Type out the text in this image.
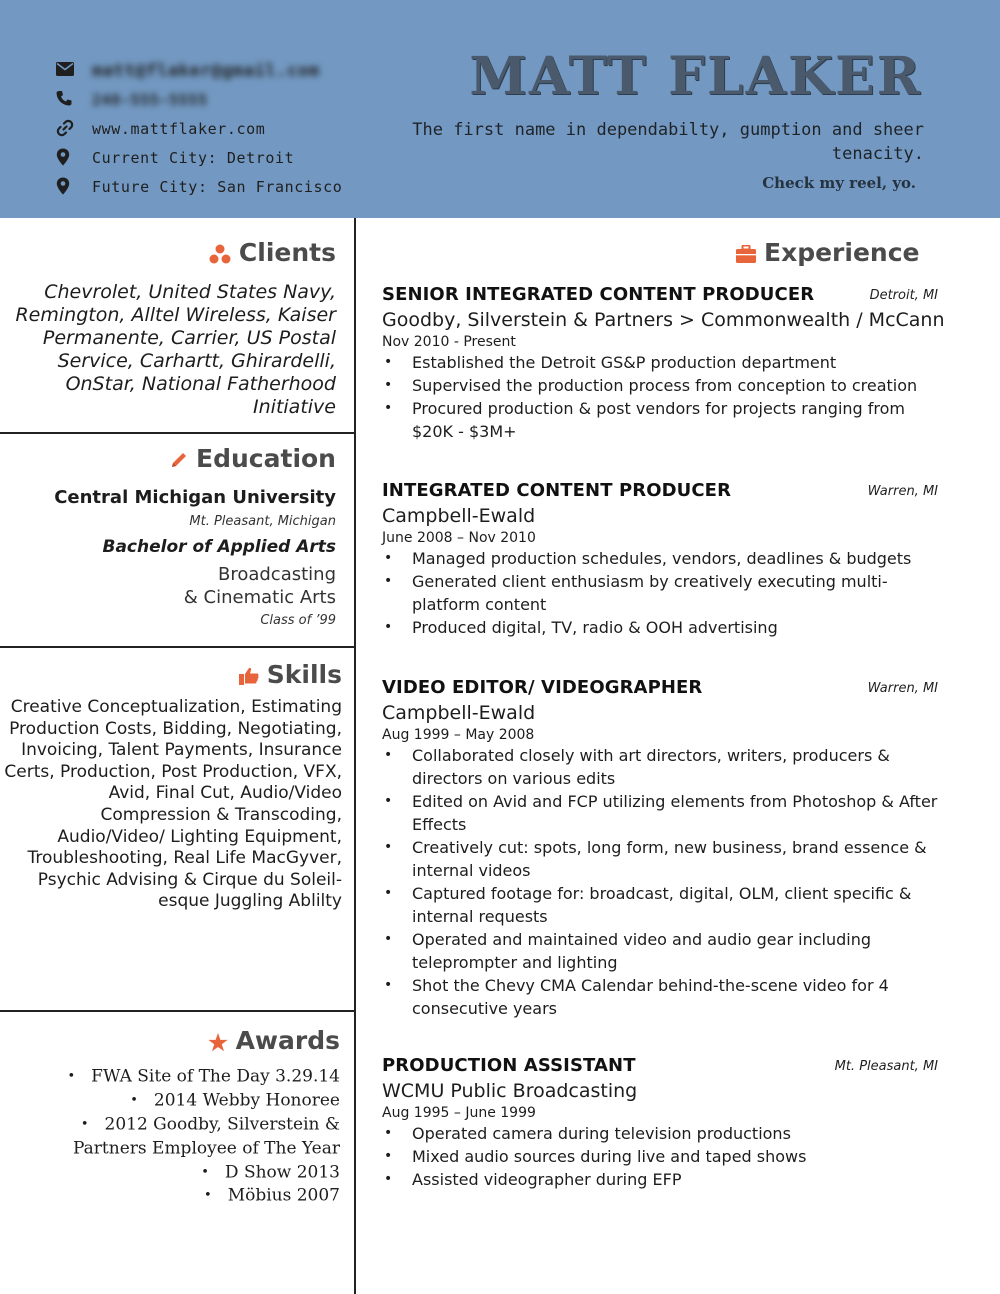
matt@flaker@gmail.com
248-555-5555
www.mattflaker.com
Current City: Detroit
Future City: San Francisco
MATT FLAKER
The first name in dependabilty, gumption and sheer tenacity.
Check my reel, yo.
Clients
Chevrolet, United States Navy, Remington, Alltel Wireless, Kaiser Permanente, Carrier, US Postal Service, Carhartt, Ghirardelli, OnStar, National Fatherhood Initiative
Education
Central Michigan University
Mt. Pleasant, Michigan
Bachelor of Applied Arts
Broadcasting
& Cinematic Arts
Class of ’99
Skills
Creative Conceptualization, Estimating Production Costs, Bidding, Negotiating, Invoicing, Talent Payments, Insurance Certs, Production, Post Production, VFX, Avid, Final Cut, Audio/Video Compression & Transcoding, Audio/Video/ Lighting Equipment, Troubleshooting, Real Life MacGyver, Psychic Advising & Cirque du Soleil-esque Juggling Ablilty
Awards
• FWA Site of The Day 3.29.14
• 2014 Webby Honoree
• 2012 Goodby, Silverstein &
Partners Employee of The Year
• D Show 2013
• Möbius 2007
Experience
SENIOR INTEGRATED CONTENT PRODUCER	Detroit, MI
Goodby, Silverstein & Partners > Commonwealth / McCann
Nov 2010 - Present
• Established the Detroit GS&P production department
• Supervised the production process from conception to creation
• Procured production & post vendors for projects ranging from $20K - $3M+
INTEGRATED CONTENT PRODUCER	Warren, MI
Campbell-Ewald
June 2008 – Nov 2010
• Managed production schedules, vendors, deadlines & budgets
• Generated client enthusiasm by creatively executing multi-platform content
• Produced digital, TV, radio & OOH advertising
VIDEO EDITOR/ VIDEOGRAPHER	Warren, MI
Campbell-Ewald
Aug 1999 – May 2008
• Collaborated closely with art directors, writers, producers & directors on various edits
• Edited on Avid and FCP utilizing elements from Photoshop & After Effects
• Creatively cut: spots, long form, new business, brand essence & internal videos
• Captured footage for: broadcast, digital, OLM, client specific & internal requests
• Operated and maintained video and audio gear including teleprompter and lighting
• Shot the Chevy CMA Calendar behind-the-scene video for 4 consecutive years
PRODUCTION ASSISTANT	Mt. Pleasant, MI
WCMU Public Broadcasting
Aug 1995 – June 1999
• Operated camera during television productions
• Mixed audio sources during live and taped shows
• Assisted videographer during EFP
